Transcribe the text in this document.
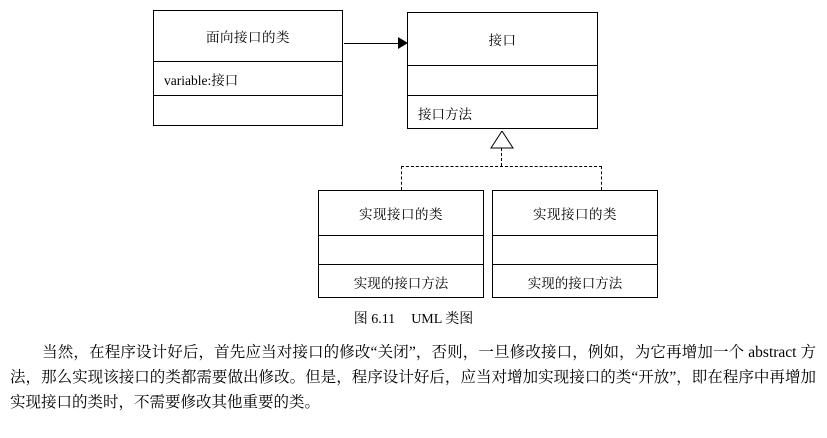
面向接口的类
variable:接口
接口
接口方法
实现接口的类
实现的接口方法
实现接口的类
实现的接口方法
图 6.11 UML 类图
当然，在程序设计好后，首先应当对接口的修改“关闭”，否则，一旦修改接口，例如，为它再增加一个 abstract 方法，那么实现该接口的类都需要做出修改。但是，程序设计好后，应当对增加实现接口的类“开放”，即在程序中再增加实现接口的类时，不需要修改其他重要的类。
